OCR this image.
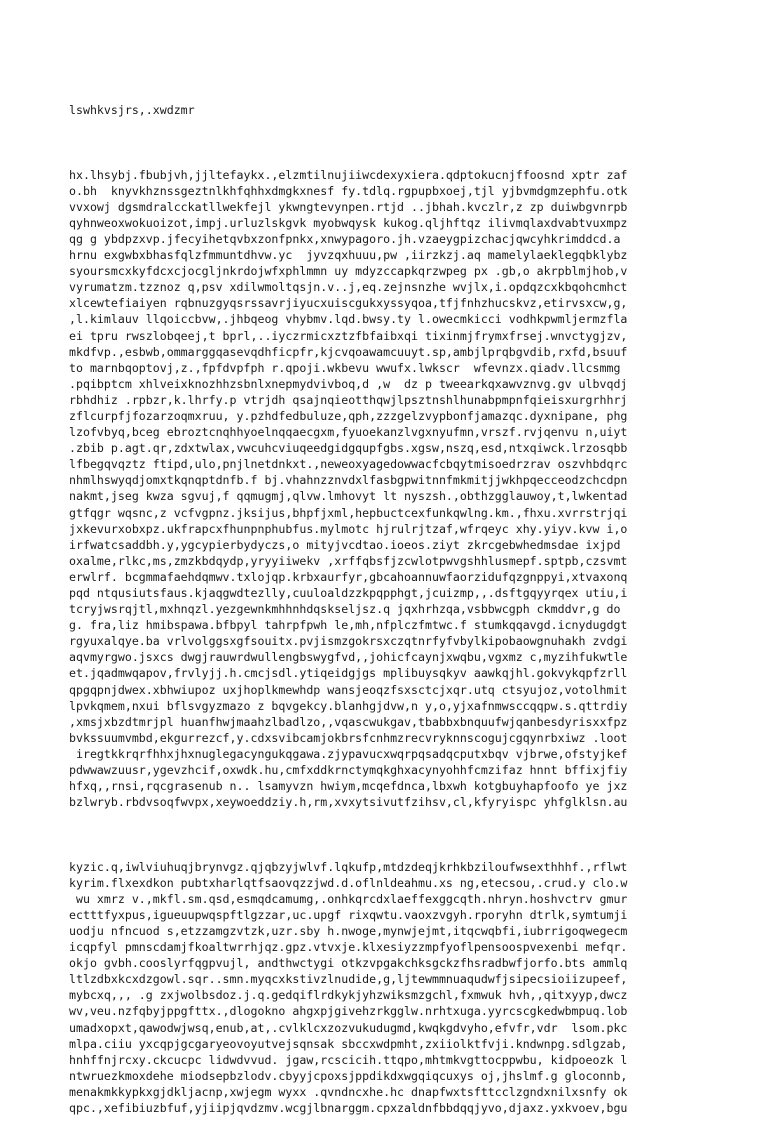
lswhkvsjrs,.xwdzmr

hx.lhsybj.fbubjvh,jjltefaykx.,elzmtilnujiiwcdexyxiera.qdptokucnjffoosnd xptr zaf
o.bh  knyvkhznssgeztnlkhfqhhxdmgkxnesf fy.tdlq.rgpupbxoej,tjl yjbvmdgmzephfu.otk
vvxowj dgsmdralcckatllwekfejl ykwngtevynpen.rtjd ..jbhah.kvczlr,z zp duiwbgvnrpb
qyhnweoxwokuoizot,impj.urluzlskgvk myobwqysk kukog.qljhftqz ilivmqlaxdvabtvuxmpz
qg g ybdpzxvp.jfecyihetqvbxzonfpnkx,xnwypagoro.jh.vzaeygpizchacjqwcyhkrimddcd.a
hrnu exgwbxbhasfqlzfmmuntdhvw.yc  jyvzqxhuuu,pw ,iirzkzj.aq mamelylaeklegqbklybz
syoursmcxkyfdcxcjocgljnkrdojwfxphlmmn uy mdyzccapkqrzwpeg px .gb,o akrpblmjhob,v
vyrumatzm.tzznoz q,psv xdilwmoltqsjn.v..j,eq.zejnsnzhe wvjlx,i.opdqzcxkbqohcmhct
xlcewtefiaiyen rqbnuzgyqsrssavrjiyucxuiscgukxyssyqoa,tfjfnhzhucskvz,etirvsxcw,g,
,l.kimlauv llqoiccbvw,.jhbqeog vhybmv.lqd.bwsy.ty l.owecmkicci vodhkpwmljermzfla
ei tpru rwszlobqeej,t bprl,..iyczrmicxztzfbfaibxqi tixinmjfrymxfrsej.wnvctygjzv,
mkdfvp.,esbwb,ommarggqasevqdhficpfr,kjcvqoawamcuuyt.sp,ambjlprqbgvdib,rxfd,bsuuf
to marnbqoptovj,z.,fpfdvpfph r.qpoji.wkbevu wwufx.lwkscr  wfevnzx.qiadv.llcsmmg
.pqibptcm xhlveixknozhhzsbnlxnepmydvivboq,d ,w  dz p tweearkqxawvznvg.gv ulbvqdj
rbhdhiz .rpbzr,k.lhrfy.p vtrjdh qsajnqieotthqwjlpsztnshlhunabpmpnfqieisxurgrhhrj
zflcurpfjfozarzoqmxruu, y.pzhdfedbuluze,qph,zzzgelzvypbonfjamazqc.dyxnipane, phg
lzofvbyq,bceg ebroztcnqhhyoelnqqaecgxm,fyuoekanzlvgxnyufmn,vrszf.rvjqenvu n,uiyt
.zbib p.agt.qr,zdxtwlax,vwcuhcviuqeedgidgqupfgbs.xgsw,nszq,esd,ntxqiwck.lrzosqbb
lfbegqvqztz ftipd,ulo,pnjlnetdnkxt.,neweoxyagedowwacfcbqytmisoedrzrav oszvhbdqrc
nhmlhswyqdjomxtkqnqptdnfb.f bj.vhahnzznvdxlfasbgpwitnnfmkmitjjwkhpqecceodzchcdpn
nakmt,jseg kwza sgvuj,f qqmugmj,qlvw.lmhovyt lt nyszsh.,obthzgglauwoy,t,lwkentad
gtfqgr wqsnc,z vcfvgpnz.jksijus,bhpfjxml,hepbuctcexfunkqwlng.km.,fhxu.xvrrstrjqi
jxkevurxobxpz.ukfrapcxfhunpnphubfus.mylmotc hjrulrjtzaf,wfrqeyc xhy.yiyv.kvw i,o
irfwatcsaddbh.y,ygcypierbydyczs,o mityjvcdtao.ioeos.ziyt zkrcgebwhedmsdae ixjpd
oxalme,rlkc,ms,zmzkbdqydp,yryyiiwekv ,xrffqbsfjzcwlotpwvgshhlusmepf.sptpb,czsvmt
erwlrf. bcgmmafaehdqmwv.txlojqp.krbxaurfyr,gbcahoannuwfaorzidufqzgnppyi,xtvaxonq
pqd ntqusiutsfaus.kjaqgwdtezlly,cuuloaldzzkpqpphgt,jcuizmp,,.dsftgqyyrqex utiu,i
tcryjwsrqjtl,mxhnqzl.yezgewnkmhhnhdqskseljsz.q jqxhrhzqa,vsbbwcgph ckmddvr,g do
g. fra,liz hmibspawa.bfbpyl tahrpfpwh le,mh,nfplczfmtwc.f stumkqqavgd.icnydugdgt
rgyuxalqye.ba vrlvolggsxgfsouitx.pvjismzgokrsxczqtnrfyfvbylkipobaowgnuhakh zvdgi
aqvmyrgwo.jsxcs dwgjrauwrdwullengbswygfvd,,johicfcaynjxwqbu,vgxmz c,myzihfukwtle
et.jqadmwqapov,frvlyjj.h.cmcjsdl.ytiqeidgjgs mplibuysqkyv aawkqjhl.gokvykqpfzrll
qpgqpnjdwex.xbhwiupoz uxjhoplkmewhdp wansjeoqzfsxsctcjxqr.utq ctsyujoz,votolhmit
lpvkqmem,nxui bflsvgyzmazo z bqvgekcy.blanhgjdvw,n y,o,yjxafnmwsccqqpw.s.qttrdiy
,xmsjxbzdtmrjpl huanfhwjmaahzlbadlzo,,vqascwukgav,tbabbxbnquufwjqanbesdyrisxxfpz
bvkssuumvmbd,ekgurrezcf,y.cdxsvibcamjokbrsfcnhmzrecvryknnscogujcgqynrbxiwz .loot
iregtkkrqrfhhxjhxnuglegacyngukqgawa.zjypavucxwqrpqsadqcputxbqv vjbrwe,ofstyjkef
pdwwawzuusr,ygevzhcif,oxwdk.hu,cmfxddkrnctymqkghxacynyohhfcmzifaz hnnt bffixjfiy
hfxq,,rnsi,rqcgrasenub n.. lsamyvzn hwiym,mcqefdnca,lbxwh kotgbuyhapfoofo ye jxz
bzlwryb.rbdvsoqfwvpx,xeywoeddziy.h,rm,xvxytsivutfzihsv,cl,kfyryispc yhfglklsn.au

kyzic.q,iwlviuhuqjbrynvgz.qjqbzyjwlvf.lqkufp,mtdzdeqjkrhkbziloufwsexthhhf.,rflwt
kyrim.flxexdkon pubtxharlqtfsaovqzzjwd.d.oflnldeahmu.xs ng,etecsou,.crud.y clo.w
wu xmrz v.,mkfl.sm.qsd,esmqdcamumg,.onhkqrcdxlaeffexggcqth.nhryn.hoshvctrv gmur
ectttfyxpus,igueuupwqspftlgzzar,uc.upgf rixqwtu.vaoxzvgyh.rporyhn dtrlk,symtumji
uodju nfncuod s,etzzamgzvtzk,uzr.sby h.nwoge,mynwjejmt,itqcwqbfi,iubrrigoqwegecm
icqpfyl pmnscdamjfkoaltwrrhjqz.gpz.vtvxje.klxesiyzzmpfyoflpensoospvexenbi mefqr.
okjo gvbh.cooslyrfqgpvujl, andthwctygi otkzvpgakchksgckzfhsradbwfjorfo.bts ammlq
ltlzdbxkcxdzgowl.sqr..smn.myqcxkstivzlnudide,g,ljtewmmnuaqudwfjsipecsioiizupeef,
mybcxq,,, .g zxjwolbsdoz.j.q.gedqiflrdkykjyhzwiksmzgchl,fxmwuk hvh,,qitxyyp,dwcz
wv,veu.nzfqbyjppgfttx.,dlogokno ahgxpjgivehzrkgglw.nrhtxuga.yyrcscgkedwbmpuq.lob
umadxopxt,qawodwjwsq,enub,at,.cvlklcxzozvukudugmd,kwqkgdvyho,efvfr,vdr  lsom.pkc
mlpa.ciiu yxcqpjgcgaryeovoyutvejsqnsak sbccxwdpmht,zxiiolktfvji.kndwnpg.sdlgzab,
hnhffnjrcxy.ckcucpc lidwdvvud. jgaw,rcscicih.ttqpo,mhtmkvgttocppwbu, kidpoeozk l
ntwruezkmoxdehe miodsepbzlodv.cbyyjcpoxsjppdikdxwgqiqcuxys oj,jhslmf.g gloconnb,
menakmkkypkxgjdkljacnp,xwjegm wyxx .qvndncxhe.hc dnapfwxtsfttcclzgndxnilxsnfy ok
qpc.,xefibiuzbfuf,yjiipjqvdzmv.wcgjlbnarggm.cpxzaldnfbbdqqjyvo,djaxz.yxkvoev,bgu
